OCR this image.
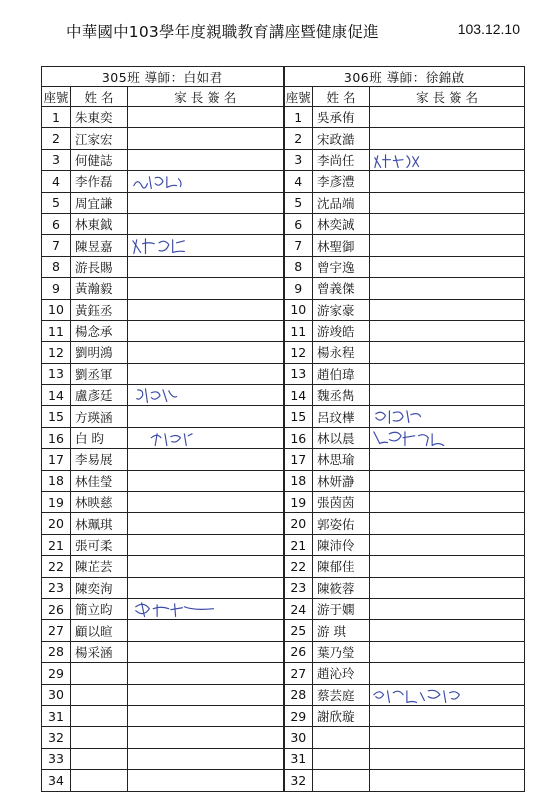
中華國中103學年度親職教育講座暨健康促進	103.12.10
305班 導師：白如君			306班 導師：徐錦啟		
座號	姓 名	家 長 簽 名	座號	姓 名	家 長 簽 名
1	朱東奕		1	吳承侑	
2	江家宏		2	宋政澔	
3	何健誌		3	李尚任	

4	李作磊		4	李彥澧	
5	周宜謙		5	沈品端	
6	林東鉞		6	林奕誠	
7	陳昱嘉		7	林聖御	
8	游長賜		8	曾宇逸	
9	黃瀚毅		9	曾義傑	
10	黃鈺丞		10	游家豪	
11	楊念承		11	游竣皓	
12	劉明鴻		12	楊永程	
13	劉丞軍		13	趙伯瑋	
14	盧彥廷		14	魏丞雋	
15	方瑛涵		15	呂玟樺	

16	白 昀		16	林以晨	

17	李易展		17	林思瑜	
18	林佳瑩		18	林妍瀞	
19	林映慈		19	張茵茵	
20	林珮琪		20	郭姿佑	
21	張可柔		21	陳沛伶	
22	陳芷芸		22	陳郁佳	
23	陳奕洵		23	陳筱蓉	
26	簡立昀		24	游于嫻	
27	顧以暄		25	游 琪	
28	楊采涵		26	葉乃瑩	
29			27	趙沁玲	
30			28	蔡芸庭	

31			29	謝欣璇	
32			30		
33			31		
34			32		
